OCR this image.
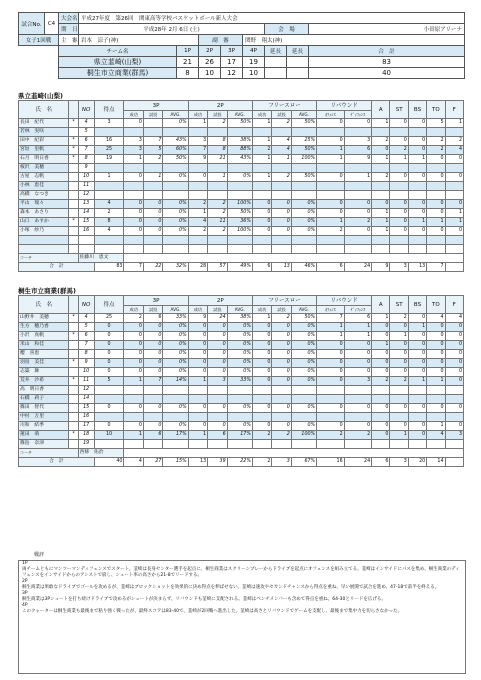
試合No.	C4	大会名	平成27年度　第26回　関東高等学校バスケットボール新人大会							
		期　日	平成28年 2月 6日 (土)					会　場		小田原アリーナ
女子1回戦		主　審	岩本　涼子(神)		副　審		関野　翔太(神)			
		チーム名		1P	2P	3P	4P	延長	延長	合　計
		県立韮崎(山梨)		21	26	17	19			83
		桐生市立商業(群馬)		8	10	12	10			40
県立韮崎(山梨)
氏　名		NO	得点	3P			2P			フリースロー			リバウンド		A	ST	BS	TO	F
				成功	試投	AVG.	成功	試投	AVG.	成功	試投	AVG.	ｵﾌｪﾝｽ	ﾃﾞｨﾌｪﾝｽ					
長田　紀代	*	4	3	0		0%	1	2	50%	1	2	50%	0	0	1	0	0	5	1
若林　実咲		5																	
田中　紀彩	*	6	16	3	7	43%	3	8	38%	1	4	25%	0	3	2	0	0	2	2
宮垣　里帆	*	7	25	3	5	60%	7	8	88%	2	4	50%	1	6	0	2	0	2	4
石月　明日香	*	8	19	1	2	50%	9	21	43%	1	1	100%	1	9	1	1	1	0	0
桜沢　美穂		9																	
古屋　志帆		10	1	0	1	0%	0	1	0%	1	2	50%	0	1	2	0	0	0	0
小林　恵佳		11																	
高橋　なつき		12																	
平山　瑞々		13	4	0	0	0%	2	2	100%	0	0	0%	0	0	0	0	0	0	0
森本　あさり		14	2	0	0	0%	1	2	50%	0	0	0%	0	0	1	0	0	0	1
山口　あすか	*	15	8	0	0	0%	4	11	36%	0	0	0%	1	2	1	0	1	1	1
小塚　紗乃		16	4	0	0	0%	2	2	100%	0	0	0%	2	0	1	0	0	0	0

コーチ		佐藤川　恵文																	
合　計			83	7	22	32%	28	57	49%	6	13	46%	6	24	9	3	13	7	
桐生市立商業(群馬)
氏　名		NO	得点	3P			2P			フリースロー			リバウンド		A	ST	BS	TO	F
				成功	試投	AVG.	成功	試投	AVG.	成功	試投	AVG.	ｵﾌｪﾝｽ	ﾃﾞｨﾌｪﾝｽ					
山野井　美穂	*	4	25	2	6	33%	9	24	38%	1	2	50%	7	6	1	2	0	4	4
生方　穂乃香		5	0	0	0	0%	0	0	0%	0	0	0%	1	1	0	0	1	0	0
小沢　真帆	*	6	0	0	0	0%	0	0	0%	0	0	0%	1	1	0	1	0	0	0
米山　和佳		7	0	0	0	0%	0	0	0%	0	0	0%	0	0	1	0	0	0	0
櫻　喜恵		8	0	0	0	0%	0	0	0%	0	0	0%	0	0	0	0	0	0	0
羽鳥　美佳	*	9	0	0	0	0%	0	0	0%	0	0	0%	0	0	0	0	0	0	0
志築　舞		10	0	0	0	0%	0	0	0%	0	0	0%	0	0	0	0	0	0	0
荒井　沙希	*	11	5	1	7	14%	1	3	33%	0	0	0%	0	3	2	2	1	1	0
高　明日香		12																	
石橋　莉子		14																	
篠田　智代		15	0	0	0	0%	0	0	0%	0	0	0%	0	0	0	0	0	0	0
中村　万里		16																	
川和　結季		17	0	0	0	0%	0	0	0%	0	0	0%	0	0	0	0	0	1	0
蓮田　萌	*	18	10	1	6	17%	1	6	17%	2	2	100%	2	2	0	1	0	4	3
篠島　奈津		19																	
コーチ		西條　佑治																	
合　計			40	4	27	15%	13	39	22%	2	3	67%	16	24	6	3	20	14	
戦評
1P
両チームともにマンツーマンディフェンスでスタート。韮崎は長身センター選手を起点に、桐生商業はスクリーンプレーからドライブを起点にオフェンスを組み立てる。韮崎はインサイドにパスを集め、桐生商業のディフェンスをインサイドからのアシストで崩し、シュート率の高さから21-8でリードする。
2P
桐生商業は果敢なドライブでゴールを攻めるが、韮崎はブロックショットを効果的に決め得点を伸ばせない。韮崎は速攻やセカンドチャンスから得点を重ね、早い展開で試合を進め、47-18で前半を終える。
3P
桐生商業は3Pシュートを打ち続けドライブで攻めるがシュートが決まらず、リバウンドも韮崎に支配される。韮崎はベンチメンバーも含めて得点を重ね、64-30とリードを広げる。
4P
このクォーターは桐生商業も最後まで粘り強く戦ったが、最終スコアは83-40で、韮崎が2回戦へ進出した。韮崎は高さとリバウンドでゲームを支配し、最後まで集中力を切らさなかった。
